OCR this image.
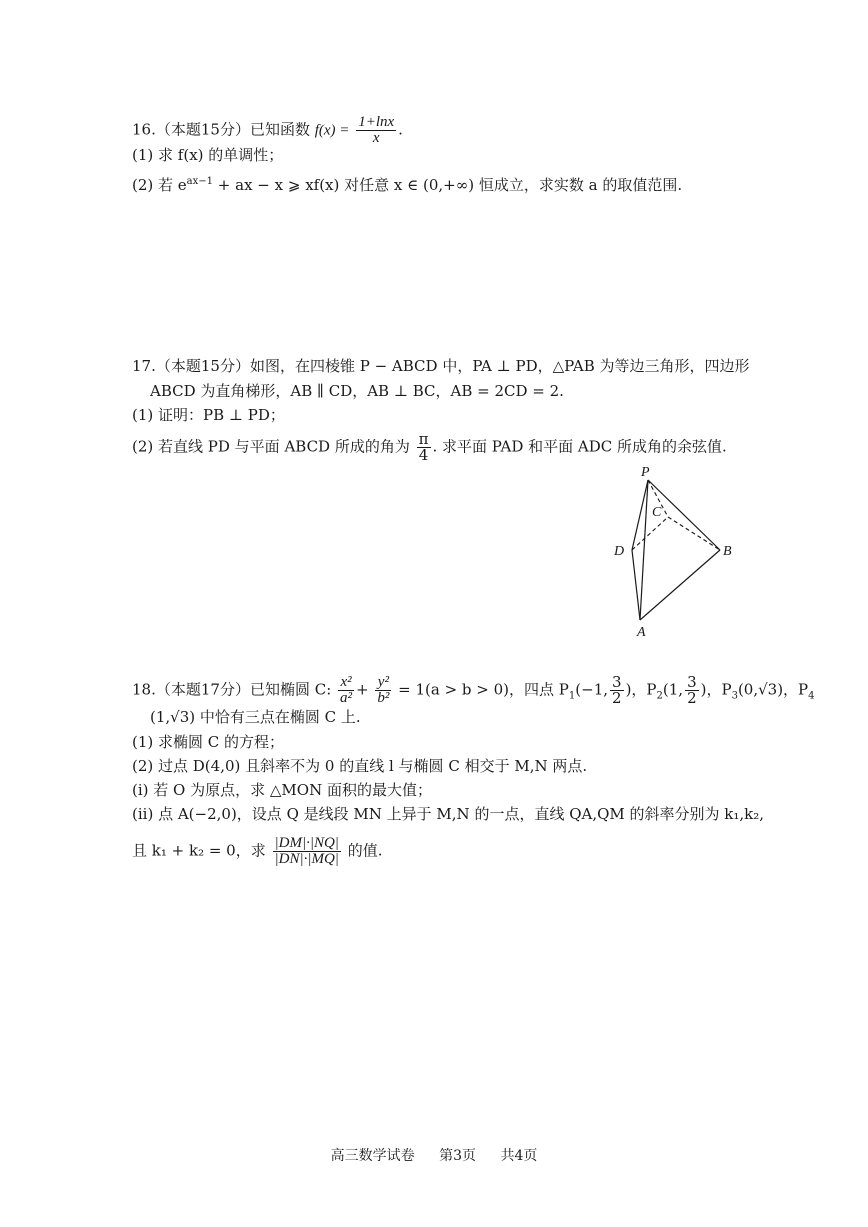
16.（本题15分）已知函数 $f(x) = \frac{1+\ln x}{x}$ .
(1) 求 f(x) 的单调性；
(2) 若 $e^{ax-1}$ + ax − x ⩾ xf(x) 对任意 x ∈ (0,+∞) 恒成立，求实数 a 的取值范围.
17.（本题15分）如图，在四棱锥 P − ABCD 中，PA ⊥ PD，△PAB 为等边三角形，四边形
ABCD 为直角梯形，AB ∥ CD，AB ⊥ BC，AB = 2CD = 2.
(1) 证明：PB ⊥ PD；
(2) 若直线 PD 与平面 ABCD 所成的角为 $\frac{\pi}{4}$ . 求平面 PAD 和平面 ADC 所成角的余弦值.
P
C
D	B
A
18.（本题17分）已知椭圆 C: $\frac{\text{x²}}{\text{a²}} + \frac{\text{y²}}{\text{b²}} = 1(a > b > 0)$，四点 $P_1(-1$, $\frac{3}{2}$ )，$P_2(1$, $\frac{3}{2}$ )，$P_3(0,√3)$，$P_4$
(1,√3) 中恰有三点在椭圆 C 上.
(1) 求椭圆 C 的方程；
(2) 过点 D(4,0) 且斜率不为 0 的直线 l 与椭圆 C 相交于 M,N 两点.
(i) 若 O 为原点，求 △MON 面积的最大值；
(ii) 点 A(−2,0)，设点 Q 是线段 MN 上异于 M,N 的一点，直线 QA,QM 的斜率分别为 k₁,k₂,
且 k₁ + k₂ = 0，求 $\frac{|DM|\cdot|NQ|}{|DN|\cdot|MQ|}$ 的值.
高三数学试卷 第3页 共4页
